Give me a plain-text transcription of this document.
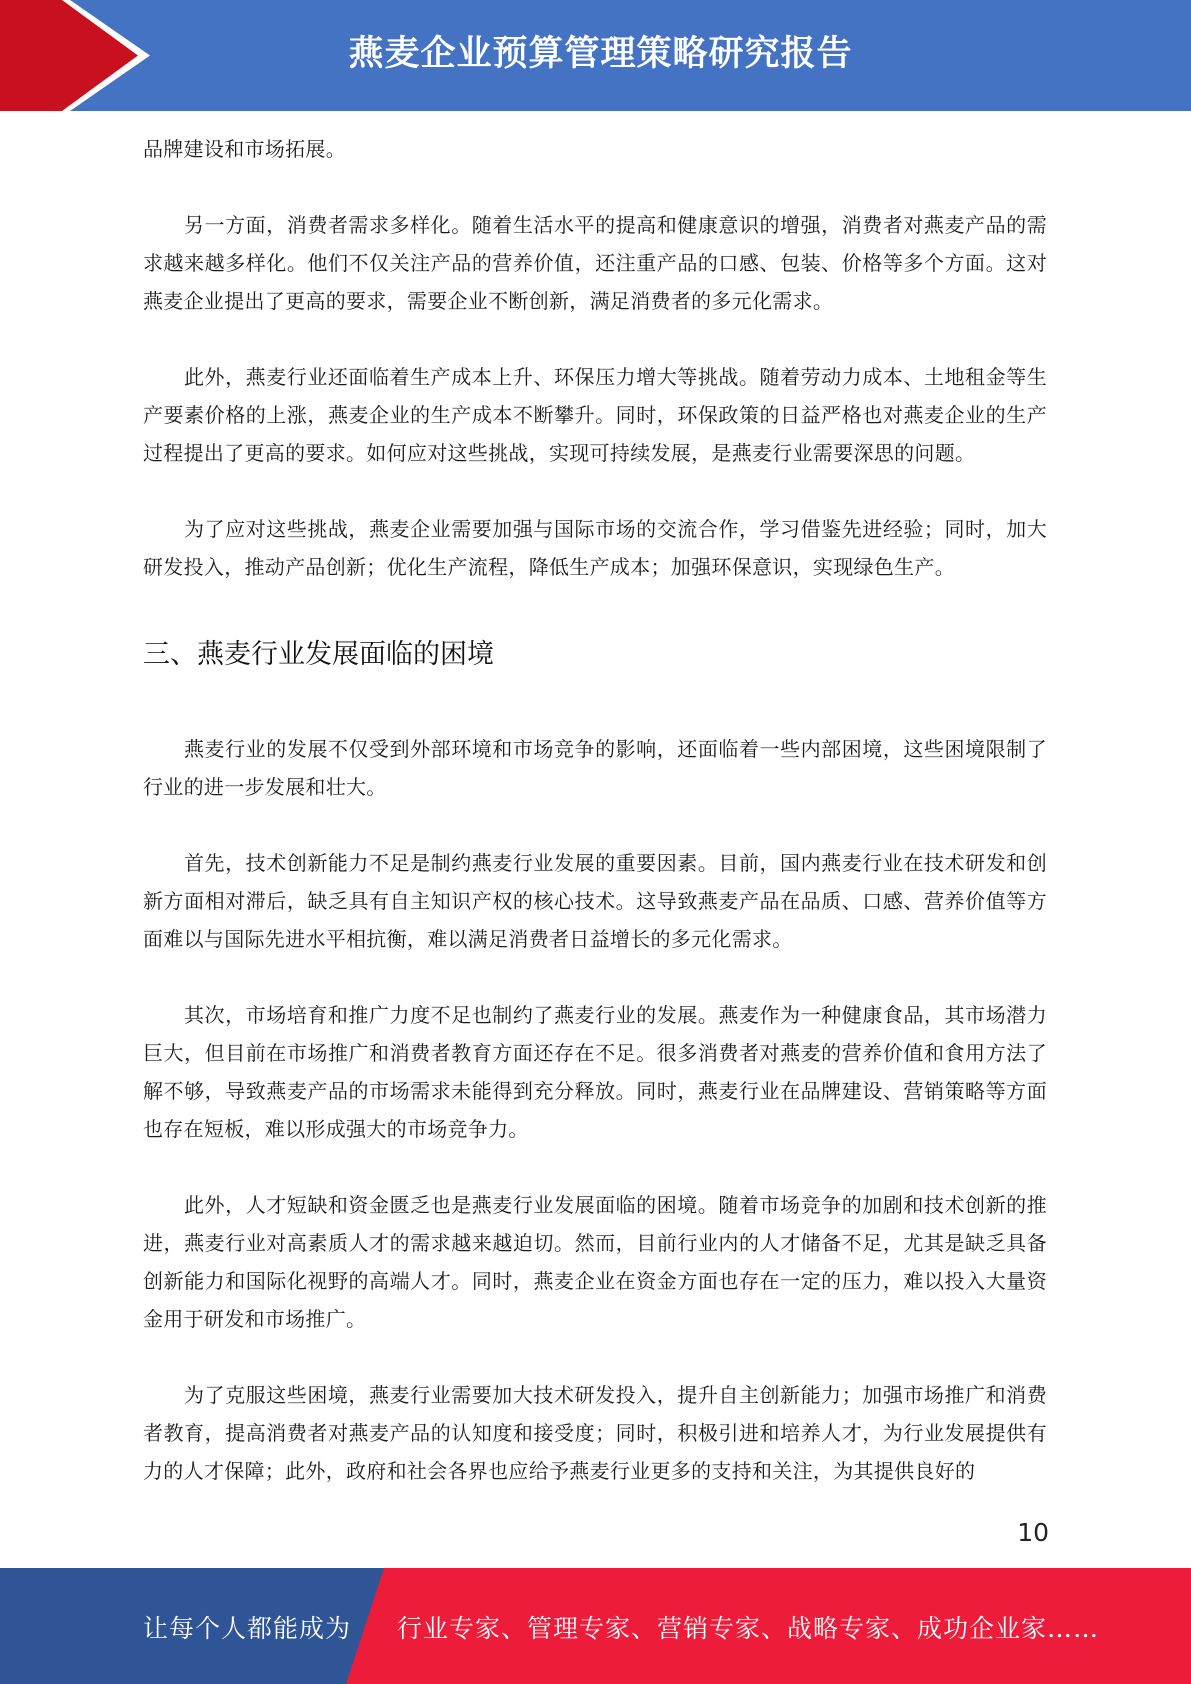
燕麦企业预算管理策略研究报告

品牌建设和市场拓展。

另一方面，消费者需求多样化。随着生活水平的提高和健康意识的增强，消费者对燕麦产品的需求越来越多样化。他们不仅关注产品的营养价值，还注重产品的口感、包装、价格等多个方面。这对燕麦企业提出了更高的要求，需要企业不断创新，满足消费者的多元化需求。

此外，燕麦行业还面临着生产成本上升、环保压力增大等挑战。随着劳动力成本、土地租金等生产要素价格的上涨，燕麦企业的生产成本不断攀升。同时，环保政策的日益严格也对燕麦企业的生产过程提出了更高的要求。如何应对这些挑战，实现可持续发展，是燕麦行业需要深思的问题。

为了应对这些挑战，燕麦企业需要加强与国际市场的交流合作，学习借鉴先进经验；同时，加大研发投入，推动产品创新；优化生产流程，降低生产成本；加强环保意识，实现绿色生产。

三、燕麦行业发展面临的困境

燕麦行业的发展不仅受到外部环境和市场竞争的影响，还面临着一些内部困境，这些困境限制了行业的进一步发展和壮大。

首先，技术创新能力不足是制约燕麦行业发展的重要因素。目前，国内燕麦行业在技术研发和创新方面相对滞后，缺乏具有自主知识产权的核心技术。这导致燕麦产品在品质、口感、营养价值等方面难以与国际先进水平相抗衡，难以满足消费者日益增长的多元化需求。

其次，市场培育和推广力度不足也制约了燕麦行业的发展。燕麦作为一种健康食品，其市场潜力巨大，但目前在市场推广和消费者教育方面还存在不足。很多消费者对燕麦的营养价值和食用方法了解不够，导致燕麦产品的市场需求未能得到充分释放。同时，燕麦行业在品牌建设、营销策略等方面也存在短板，难以形成强大的市场竞争力。

此外，人才短缺和资金匮乏也是燕麦行业发展面临的困境。随着市场竞争的加剧和技术创新的推进，燕麦行业对高素质人才的需求越来越迫切。然而，目前行业内的人才储备不足，尤其是缺乏具备创新能力和国际化视野的高端人才。同时，燕麦企业在资金方面也存在一定的压力，难以投入大量资金用于研发和市场推广。

为了克服这些困境，燕麦行业需要加大技术研发投入，提升自主创新能力；加强市场推广和消费者教育，提高消费者对燕麦产品的认知度和接受度；同时，积极引进和培养人才，为行业发展提供有力的人才保障；此外，政府和社会各界也应给予燕麦行业更多的支持和关注，为其提供良好的

10
让每个人都能成为 行业专家、管理专家、营销专家、战略专家、成功企业家……
